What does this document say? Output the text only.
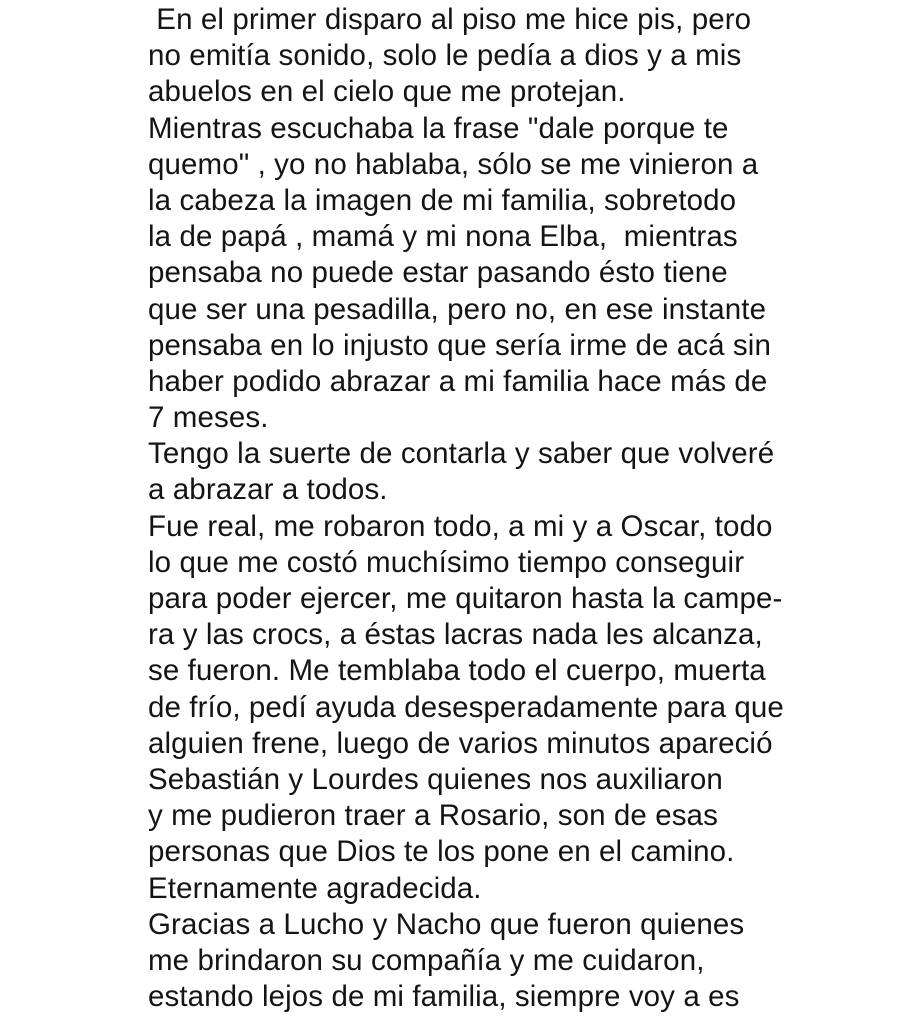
En el primer disparo al piso me hice pis, pero
no emitía sonido, solo le pedía a dios y a mis
abuelos en el cielo que me protejan.
Mientras escuchaba la frase "dale porque te
quemo" , yo no hablaba, sólo se me vinieron a
la cabeza la imagen de mi familia, sobretodo
la de papá , mamá y mi nona Elba,  mientras
pensaba no puede estar pasando ésto tiene
que ser una pesadilla, pero no, en ese instante
pensaba en lo injusto que sería irme de acá sin
haber podido abrazar a mi familia hace más de
7 meses.
Tengo la suerte de contarla y saber que volveré
a abrazar a todos.
Fue real, me robaron todo, a mi y a Oscar, todo
lo que me costó muchísimo tiempo conseguir
para poder ejercer, me quitaron hasta la campe-
ra y las crocs, a éstas lacras nada les alcanza,
se fueron. Me temblaba todo el cuerpo, muerta
de frío, pedí ayuda desesperadamente para que
alguien frene, luego de varios minutos apareció
Sebastián y Lourdes quienes nos auxiliaron
y me pudieron traer a Rosario, son de esas
personas que Dios te los pone en el camino.
Eternamente agradecida.
Gracias a Lucho y Nacho que fueron quienes
me brindaron su compañía y me cuidaron,
estando lejos de mi familia, siempre voy a es
